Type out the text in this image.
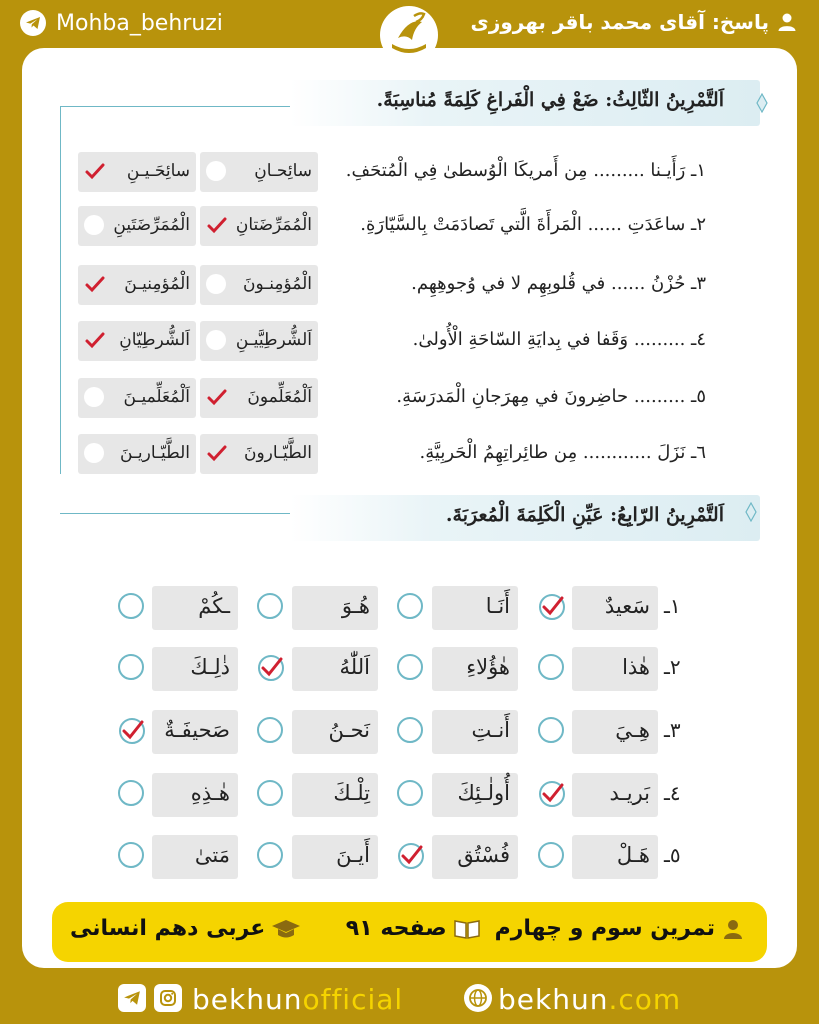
Mohba_behruzi	پاسخ: آقای محمد باقر بهروزی
اَلتَّمْرِينُ الثّالِثُ: ضَعْ فِي الْفَراغِ كَلِمَةً مُناسِبَةً.
١ـ رَأَيـنا ......... مِن أَمريكَا الْوُسطىٰ فِي الْمُتحَفِ.
سائِحـانِ
سائِحَـيـنِ
٢ـ ساعَدَتِ ...... الْمَرأَةَ الَّتي تَصادَمَتْ بِالسَّيّارَةِ.
الْمُمَرِّضَتانِ
الْمُمَرِّضَتَينِ
٣ـ حُزْنُ ...... في قُلوبِهِم لا في وُجوهِهِم.
الْمُؤمِنـونَ
الْمُؤمِنيـنَ
٤ـ ......... وَقَفا في بِدايَةِ السّاحَةِ الْأُولىٰ.
اَلشُّرطِيَّيـنِ
اَلشُّرطِيّانِ
٥ـ ......... حاضِرونَ في مِهرَجانِ الْمَدرَسَةِ.
اَلْمُعَلِّمونَ
اَلْمُعَلِّميـنَ
٦ـ نَزَلَ ............ مِن طائِراتِهِمُ الْحَربِيَّةِ.
الطَّيّـارونَ
الطَّيّـاريـنَ
اَلتَّمْرِينُ الرّابِعُ: عَيِّنِ الْكَلِمَةَ الْمُعرَبَةَ.
١ـ
سَعيدٌ
أَنَـا
هُـوَ
ـكُمْ
٢ـ
هٰذا
هٰؤُلاءِ
اَللّٰهُ
ذٰلِـكَ
٣ـ
هِـيَ
أَنـتِ
نَحـنُ
صَحيفَـةٌ
٤ـ
بَريـد
أُولٰـئِكَ
تِلْـكَ
هٰـذِهِ
٥ـ
هَـلْ
فُسْتُق
أَيـنَ
مَتىٰ
تمرین سوم و چهارم
صفحه ۹۱
عربی دهم انسانی
bekhunofficial	bekhun.com
